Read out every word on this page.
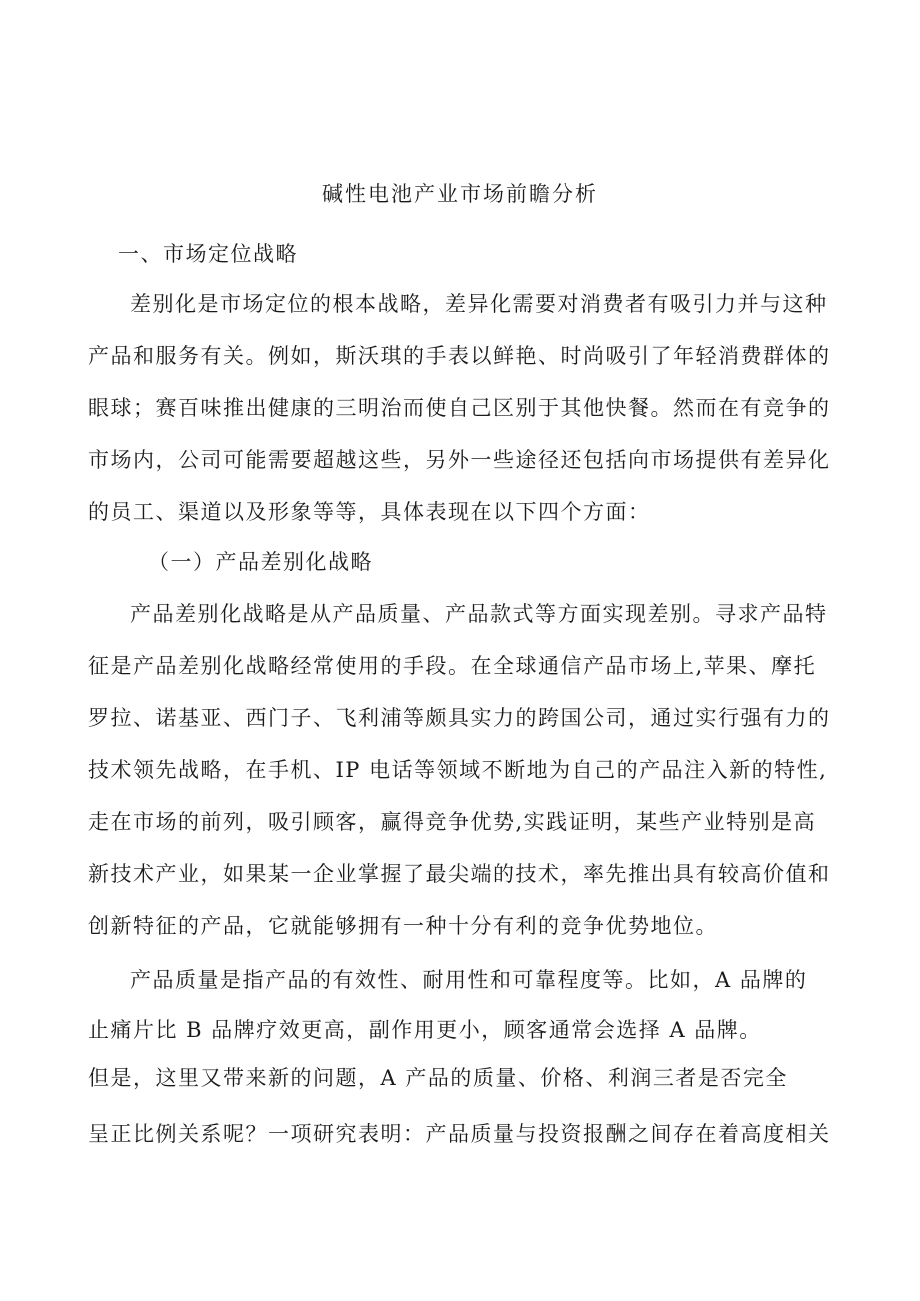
碱性电池产业市场前瞻分析
一、市场定位战略
差别化是市场定位的根本战略，差异化需要对消费者有吸引力并与这种
产品和服务有关。例如，斯沃琪的手表以鲜艳、时尚吸引了年轻消费群体的
眼球；赛百味推出健康的三明治而使自己区别于其他快餐。然而在有竞争的
市场内，公司可能需要超越这些，另外一些途径还包括向市场提供有差异化
的员工、渠道以及形象等等，具体表现在以下四个方面：
（一）产品差别化战略
产品差别化战略是从产品质量、产品款式等方面实现差别。寻求产品特
征是产品差别化战略经常使用的手段。在全球通信产品市场上,苹果、摩托
罗拉、诺基亚、西门子、飞利浦等颇具实力的跨国公司，通过实行强有力的
技术领先战略，在手机、IP 电话等领域不断地为自己的产品注入新的特性,
走在市场的前列，吸引顾客，赢得竞争优势,实践证明，某些产业特别是高
新技术产业，如果某一企业掌握了最尖端的技术，率先推出具有较高价值和
创新特征的产品，它就能够拥有一种十分有利的竞争优势地位。
产品质量是指产品的有效性、耐用性和可靠程度等。比如，A 品牌的
止痛片比 B 品牌疗效更高，副作用更小，顾客通常会选择 A 品牌。
但是，这里又带来新的问题，A 产品的质量、价格、利润三者是否完全
呈正比例关系呢？一项研究表明：产品质量与投资报酬之间存在着高度相关
